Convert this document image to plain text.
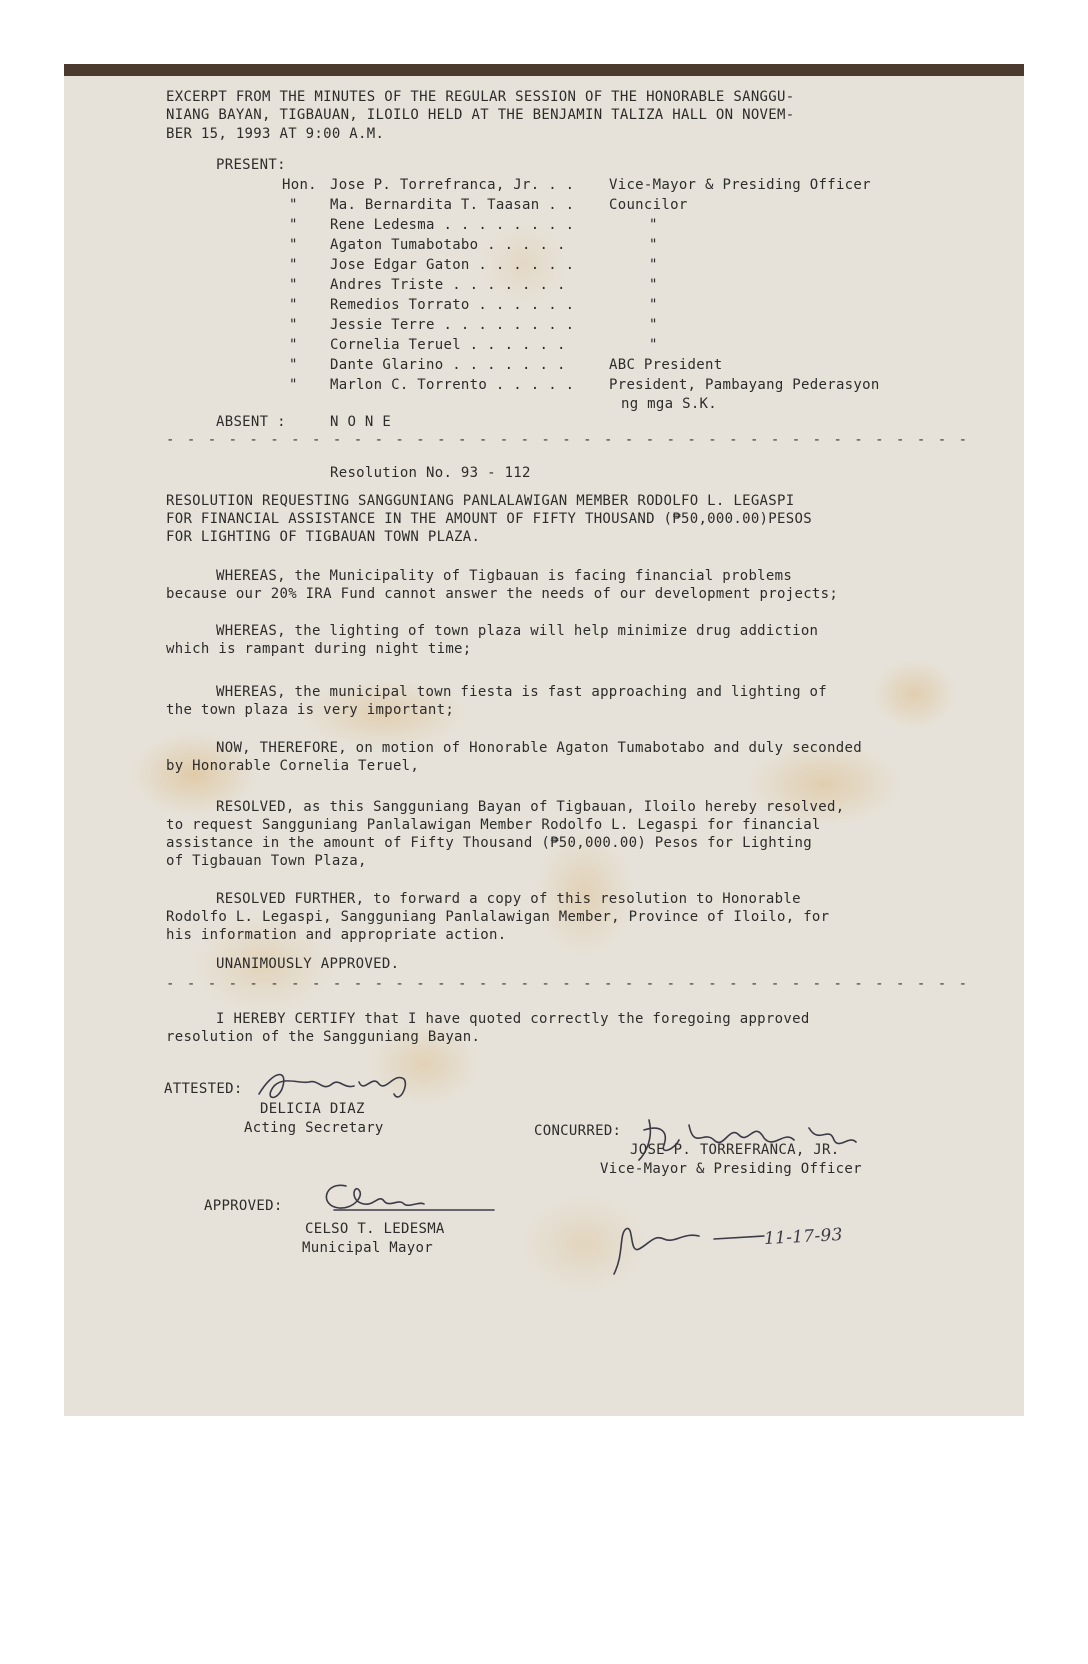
EXCERPT FROM THE MINUTES OF THE REGULAR SESSION OF THE HONORABLE SANGGU-
NIANG BAYAN, TIGBAUAN, ILOILO HELD AT THE BENJAMIN TALIZA HALL ON NOVEM-
BER 15, 1993 AT 9:00 A.M.
PRESENT:
Hon. Jose P. Torrefranca, Jr. . . Vice-Mayor & Presiding Officer
" Ma. Bernardita T. Taasan . . Councilor
" Rene Ledesma . . . . . . . .	"
" Agaton Tumabotabo . . . . .	"
" Jose Edgar Gaton . . . . . .	"
" Andres Triste . . . . . . .	"
" Remedios Torrato . . . . . .	"
" Jessie Terre . . . . . . . .	"
" Cornelia Teruel . . . . . .	"
" Dante Glarino . . . . . . .	ABC President
" Marlon C. Torrento . . . . . President, Pambayang Pederasyon
ng mga S.K.
ABSENT :	N O N E
- - - - - - - - - - - - - - - - - - - - - - - - - - - - - - - - - - - - - - -
Resolution No. 93 - 112
RESOLUTION REQUESTING SANGGUNIANG PANLALAWIGAN MEMBER RODOLFO L. LEGASPI
FOR FINANCIAL ASSISTANCE IN THE AMOUNT OF FIFTY THOUSAND (₱50,000.00)PESOS
FOR LIGHTING OF TIGBAUAN TOWN PLAZA.
WHEREAS, the Municipality of Tigbauan is facing financial problems
because our 20% IRA Fund cannot answer the needs of our development projects;
WHEREAS, the lighting of town plaza will help minimize drug addiction
which is rampant during night time;
WHEREAS, the municipal town fiesta is fast approaching and lighting of
the town plaza is very important;
NOW, THEREFORE, on motion of Honorable Agaton Tumabotabo and duly seconded
by Honorable Cornelia Teruel,
RESOLVED, as this Sangguniang Bayan of Tigbauan, Iloilo hereby resolved,
to request Sangguniang Panlalawigan Member Rodolfo L. Legaspi for financial
assistance in the amount of Fifty Thousand (₱50,000.00) Pesos for Lighting
of Tigbauan Town Plaza,
RESOLVED FURTHER, to forward a copy of this resolution to Honorable
Rodolfo L. Legaspi, Sangguniang Panlalawigan Member, Province of Iloilo, for
his information and appropriate action.
UNANIMOUSLY APPROVED.
- - - - - - - - - - - - - - - - - - - - - - - - - - - - - - - - - - - - - - -
I HEREBY CERTIFY that I have quoted correctly the foregoing approved
resolution of the Sangguniang Bayan.
ATTESTED:
DELICIA DIAZ
Acting Secretary	CONCURRED:
JOSE P. TORREFRANCA, JR.
Vice-Mayor & Presiding Officer
APPROVED:
CELSO T. LEDESMA
Municipal Mayor	11-17-93
